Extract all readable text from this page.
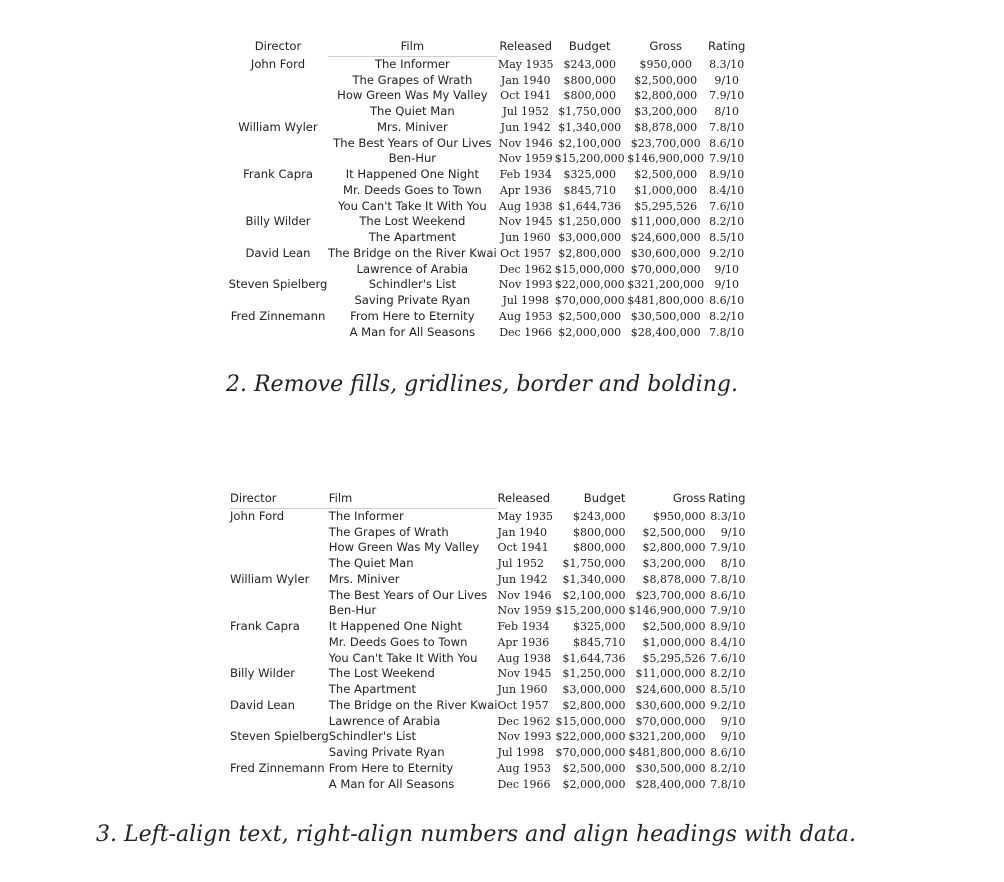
Director	Film	Released	Budget	Gross	Rating
John Ford	The Informer	May 1935	$243,000	$950,000	8.3/10
	The Grapes of Wrath	Jan 1940	$800,000	$2,500,000	9/10
	How Green Was My Valley	Oct 1941	$800,000	$2,800,000	7.9/10
	The Quiet Man	Jul 1952	$1,750,000	$3,200,000	8/10
William Wyler	Mrs. Miniver	Jun 1942	$1,340,000	$8,878,000	7.8/10
	The Best Years of Our Lives	Nov 1946	$2,100,000	$23,700,000	8.6/10
	Ben-Hur	Nov 1959	$15,200,000	$146,900,000	7.9/10
Frank Capra	It Happened One Night	Feb 1934	$325,000	$2,500,000	8.9/10
	Mr. Deeds Goes to Town	Apr 1936	$845,710	$1,000,000	8.4/10
	You Can't Take It With You	Aug 1938	$1,644,736	$5,295,526	7.6/10
Billy Wilder	The Lost Weekend	Nov 1945	$1,250,000	$11,000,000	8.2/10
	The Apartment	Jun 1960	$3,000,000	$24,600,000	8.5/10
David Lean	The Bridge on the River Kwai	Oct 1957	$2,800,000	$30,600,000	9.2/10
	Lawrence of Arabia	Dec 1962	$15,000,000	$70,000,000	9/10
Steven Spielberg	Schindler's List	Nov 1993	$22,000,000	$321,200,000	9/10
	Saving Private Ryan	Jul 1998	$70,000,000	$481,800,000	8.6/10
Fred Zinnemann	From Here to Eternity	Aug 1953	$2,500,000	$30,500,000	8.2/10
	A Man for All Seasons	Dec 1966	$2,000,000	$28,400,000	7.8/10

2. Remove fills, gridlines, border and bolding.

Director	Film	Released	Budget	Gross	Rating
John Ford	The Informer	May 1935	$243,000	$950,000	8.3/10
	The Grapes of Wrath	Jan 1940	$800,000	$2,500,000	9/10
	How Green Was My Valley	Oct 1941	$800,000	$2,800,000	7.9/10
	The Quiet Man	Jul 1952	$1,750,000	$3,200,000	8/10
William Wyler	Mrs. Miniver	Jun 1942	$1,340,000	$8,878,000	7.8/10
	The Best Years of Our Lives	Nov 1946	$2,100,000	$23,700,000	8.6/10
	Ben-Hur	Nov 1959	$15,200,000	$146,900,000	7.9/10
Frank Capra	It Happened One Night	Feb 1934	$325,000	$2,500,000	8.9/10
	Mr. Deeds Goes to Town	Apr 1936	$845,710	$1,000,000	8.4/10
	You Can't Take It With You	Aug 1938	$1,644,736	$5,295,526	7.6/10
Billy Wilder	The Lost Weekend	Nov 1945	$1,250,000	$11,000,000	8.2/10
	The Apartment	Jun 1960	$3,000,000	$24,600,000	8.5/10
David Lean	The Bridge on the River Kwai	Oct 1957	$2,800,000	$30,600,000	9.2/10
	Lawrence of Arabia	Dec 1962	$15,000,000	$70,000,000	9/10
Steven Spielberg	Schindler's List	Nov 1993	$22,000,000	$321,200,000	9/10
	Saving Private Ryan	Jul 1998	$70,000,000	$481,800,000	8.6/10
Fred Zinnemann	From Here to Eternity	Aug 1953	$2,500,000	$30,500,000	8.2/10
	A Man for All Seasons	Dec 1966	$2,000,000	$28,400,000	7.8/10

3. Left-align text, right-align numbers and align headings with data.
